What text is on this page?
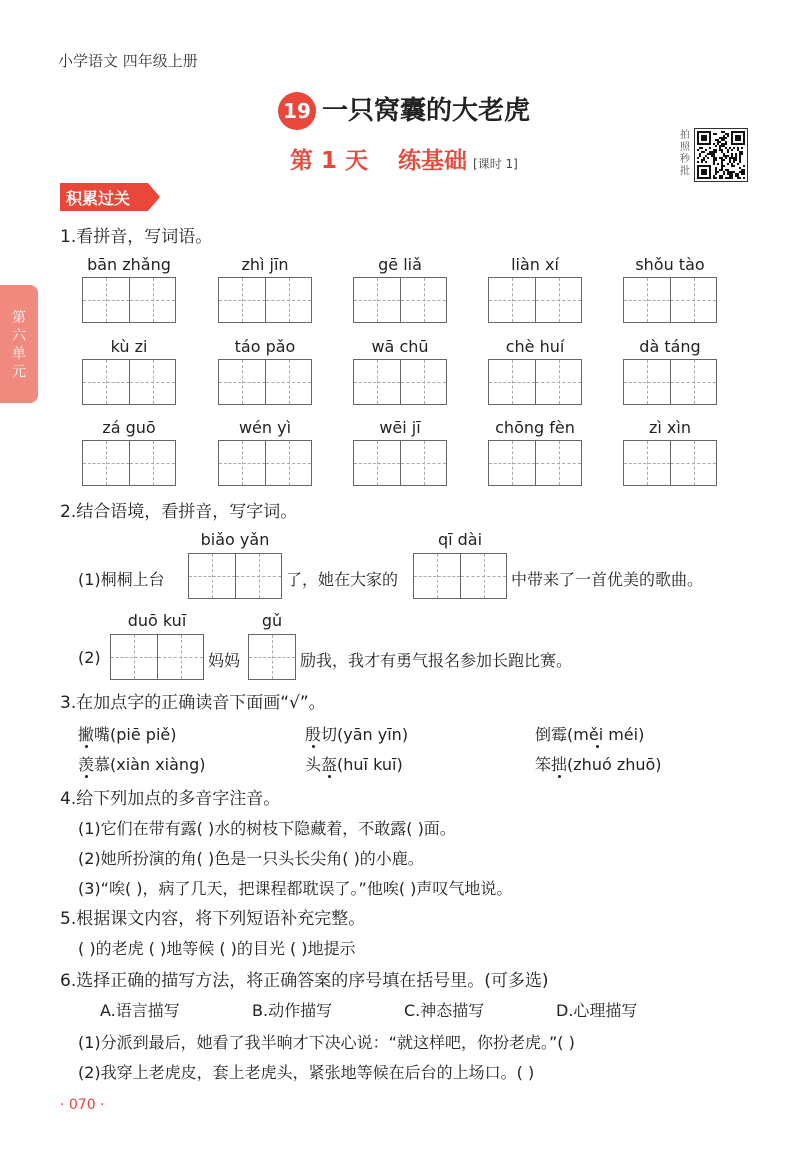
小学语文 四年级上册
19 一只窝囊的大老虎
第 1 天 练基础 [课时 1]
拍照秒批
第六单元
积累过关
1.看拼音，写词语。
bān zhǎng	zhì jīn	gē liǎ	liàn xí	shǒu tào
kù zi	táo pǎo	wā chū	chè huí	dà táng
zá guō	wén yì	wēi jī	chōng fèn	zì xìn
2.结合语境，看拼音，写字词。
(1)桐桐上台
biǎo yǎn
了，她在大家的
qī dài
中带来了一首优美的歌曲。
(2)
duō kuī
妈妈
gǔ
励我，我才有勇气报名参加长跑比赛。
3.在加点字的正确读音下面画“√”。
撇嘴(piē piě)	殷切(yān yīn)	倒霉(měi méi)
羡慕(xiàn xiàng)	头盔(huī kuī)	笨拙(zhuó zhuō)
4.给下列加点的多音字注音。
(1)它们在带有露( )水的树枝下隐藏着，不敢露( )面。
(2)她所扮演的角( )色是一只头长尖角( )的小鹿。
(3)“唉( )，病了几天，把课程都耽误了。”他唉( )声叹气地说。
5.根据课文内容，将下列短语补充完整。
( )的老虎 ( )地等候 ( )的目光 ( )地提示
6.选择正确的描写方法，将正确答案的序号填在括号里。(可多选)
A.语言描写	B.动作描写	C.神态描写	D.心理描写
(1)分派到最后，她看了我半晌才下决心说：“就这样吧，你扮老虎。”( )
(2)我穿上老虎皮，套上老虎头，紧张地等候在后台的上场口。( )
· 070 ·
